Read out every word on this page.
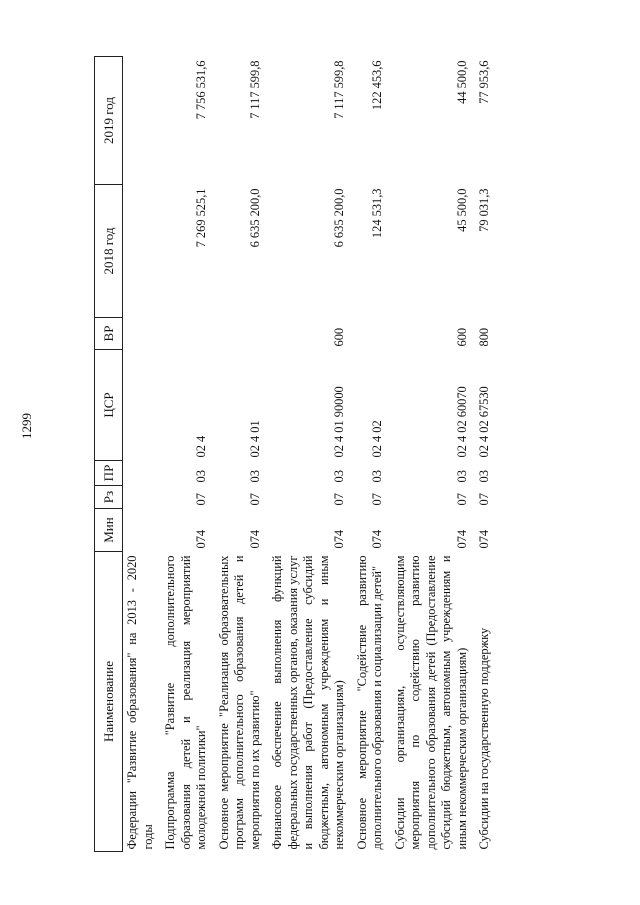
1299
Наименование	Мин	Рз	ПР	ЦСР	ВР	2018 год	2019 год
Федерации "Развитие образования" на 2013 - 2020 годы							
Подпрограмма "Развитие дополнительного образования детей и реализация мероприятий молодежной политики"	074	07	03	02 4		7 269 525,1	7 756 531,6
Основное мероприятие "Реализация образовательных программ дополнительного образования детей и мероприятия по их развитию"	074	07	03	02 4 01		6 635 200,0	7 117 599,8
Финансовое обеспечение выполнения функций федеральных государственных органов, оказания услуг и выполнения работ (Предоставление субсидий бюджетным, автономным учреждениям и иным некоммерческим организациям)	074	07	03	02 4 01 90000	600	6 635 200,0	7 117 599,8
Основное мероприятие "Содействие развитию дополнительного образования и социализации детей"	074	07	03	02 4 02		124 531,3	122 453,6
Субсидии организациям, осуществляющим мероприятия по содействию развитию дополнительного образования детей (Предоставление субсидий бюджетным, автономным учреждениям и иным некоммерческим организациям)	074	07	03	02 4 02 60070	600	45 500,0	44 500,0
Субсидии на государственную поддержку	074	07	03	02 4 02 67530	800	79 031,3	77 953,6
